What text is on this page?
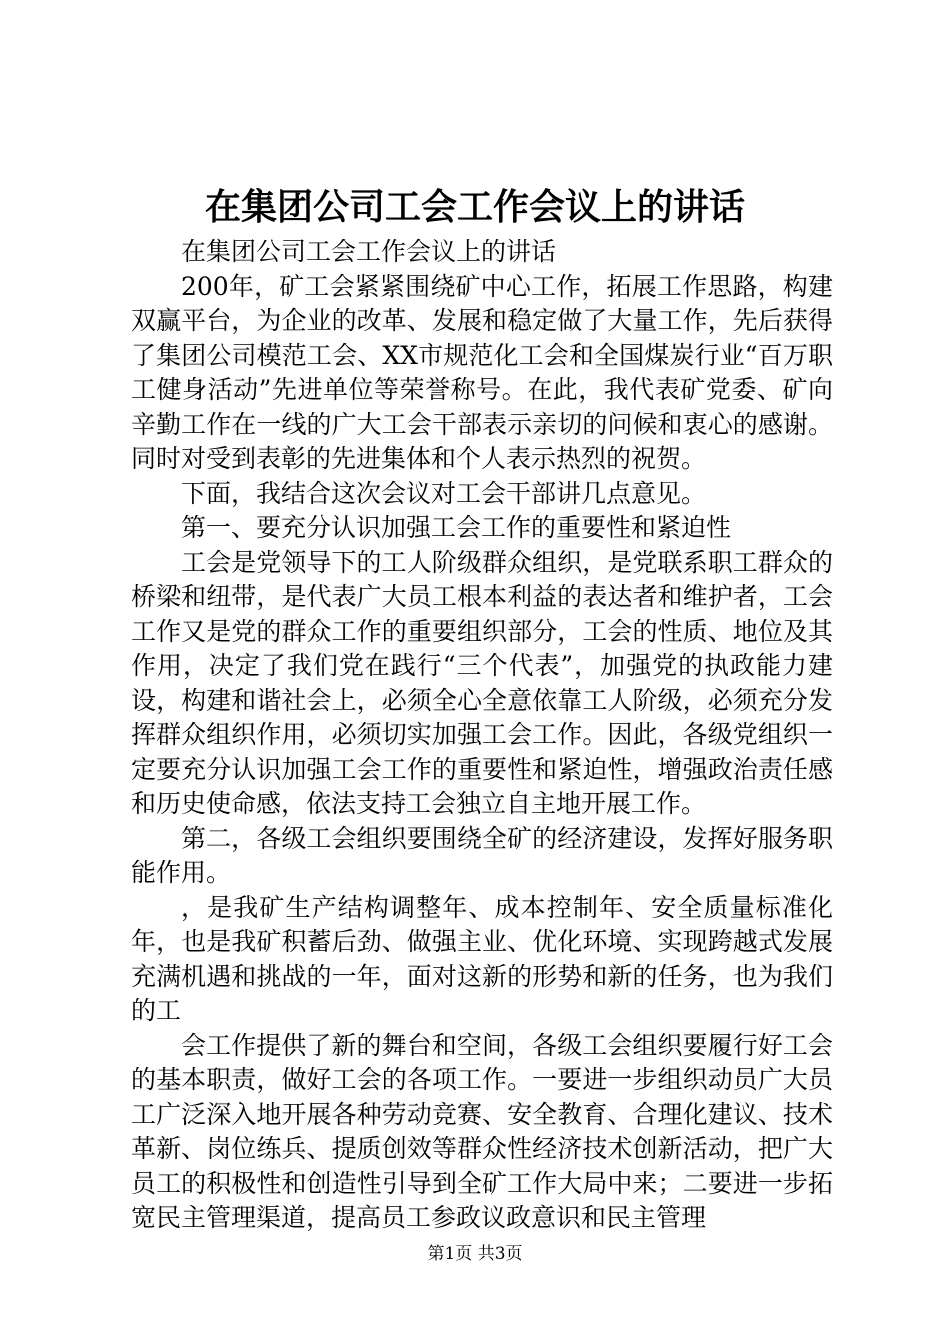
在集团公司工会工作会议上的讲话

在集团公司工会工作会议上的讲话

200年，矿工会紧紧围绕矿中心工作，拓展工作思路，构建双赢平台，为企业的改革、发展和稳定做了大量工作，先后获得了集团公司模范工会、XX市规范化工会和全国煤炭行业“百万职工健身活动”先进单位等荣誉称号。在此，我代表矿党委、矿向辛勤工作在一线的广大工会干部表示亲切的问候和衷心的感谢。同时对受到表彰的先进集体和个人表示热烈的祝贺。

下面，我结合这次会议对工会干部讲几点意见。

第一、要充分认识加强工会工作的重要性和紧迫性

工会是党领导下的工人阶级群众组织，是党联系职工群众的桥梁和纽带，是代表广大员工根本利益的表达者和维护者，工会工作又是党的群众工作的重要组织部分，工会的性质、地位及其作用，决定了我们党在践行“三个代表”，加强党的执政能力建设，构建和谐社会上，必须全心全意依靠工人阶级，必须充分发挥群众组织作用，必须切实加强工会工作。因此，各级党组织一定要充分认识加强工会工作的重要性和紧迫性，增强政治责任感和历史使命感，依法支持工会独立自主地开展工作。

第二，各级工会组织要围绕全矿的经济建设，发挥好服务职能作用。

，是我矿生产结构调整年、成本控制年、安全质量标准化年，也是我矿积蓄后劲、做强主业、优化环境、实现跨越式发展充满机遇和挑战的一年，面对这新的形势和新的任务，也为我们的工

会工作提供了新的舞台和空间，各级工会组织要履行好工会的基本职责，做好工会的各项工作。一要进一步组织动员广大员工广泛深入地开展各种劳动竞赛、安全教育、合理化建议、技术革新、岗位练兵、提质创效等群众性经济技术创新活动，把广大员工的积极性和创造性引导到全矿工作大局中来；二要进一步拓宽民主管理渠道，提高员工参政议政意识和民主管理

第1页 共3页
